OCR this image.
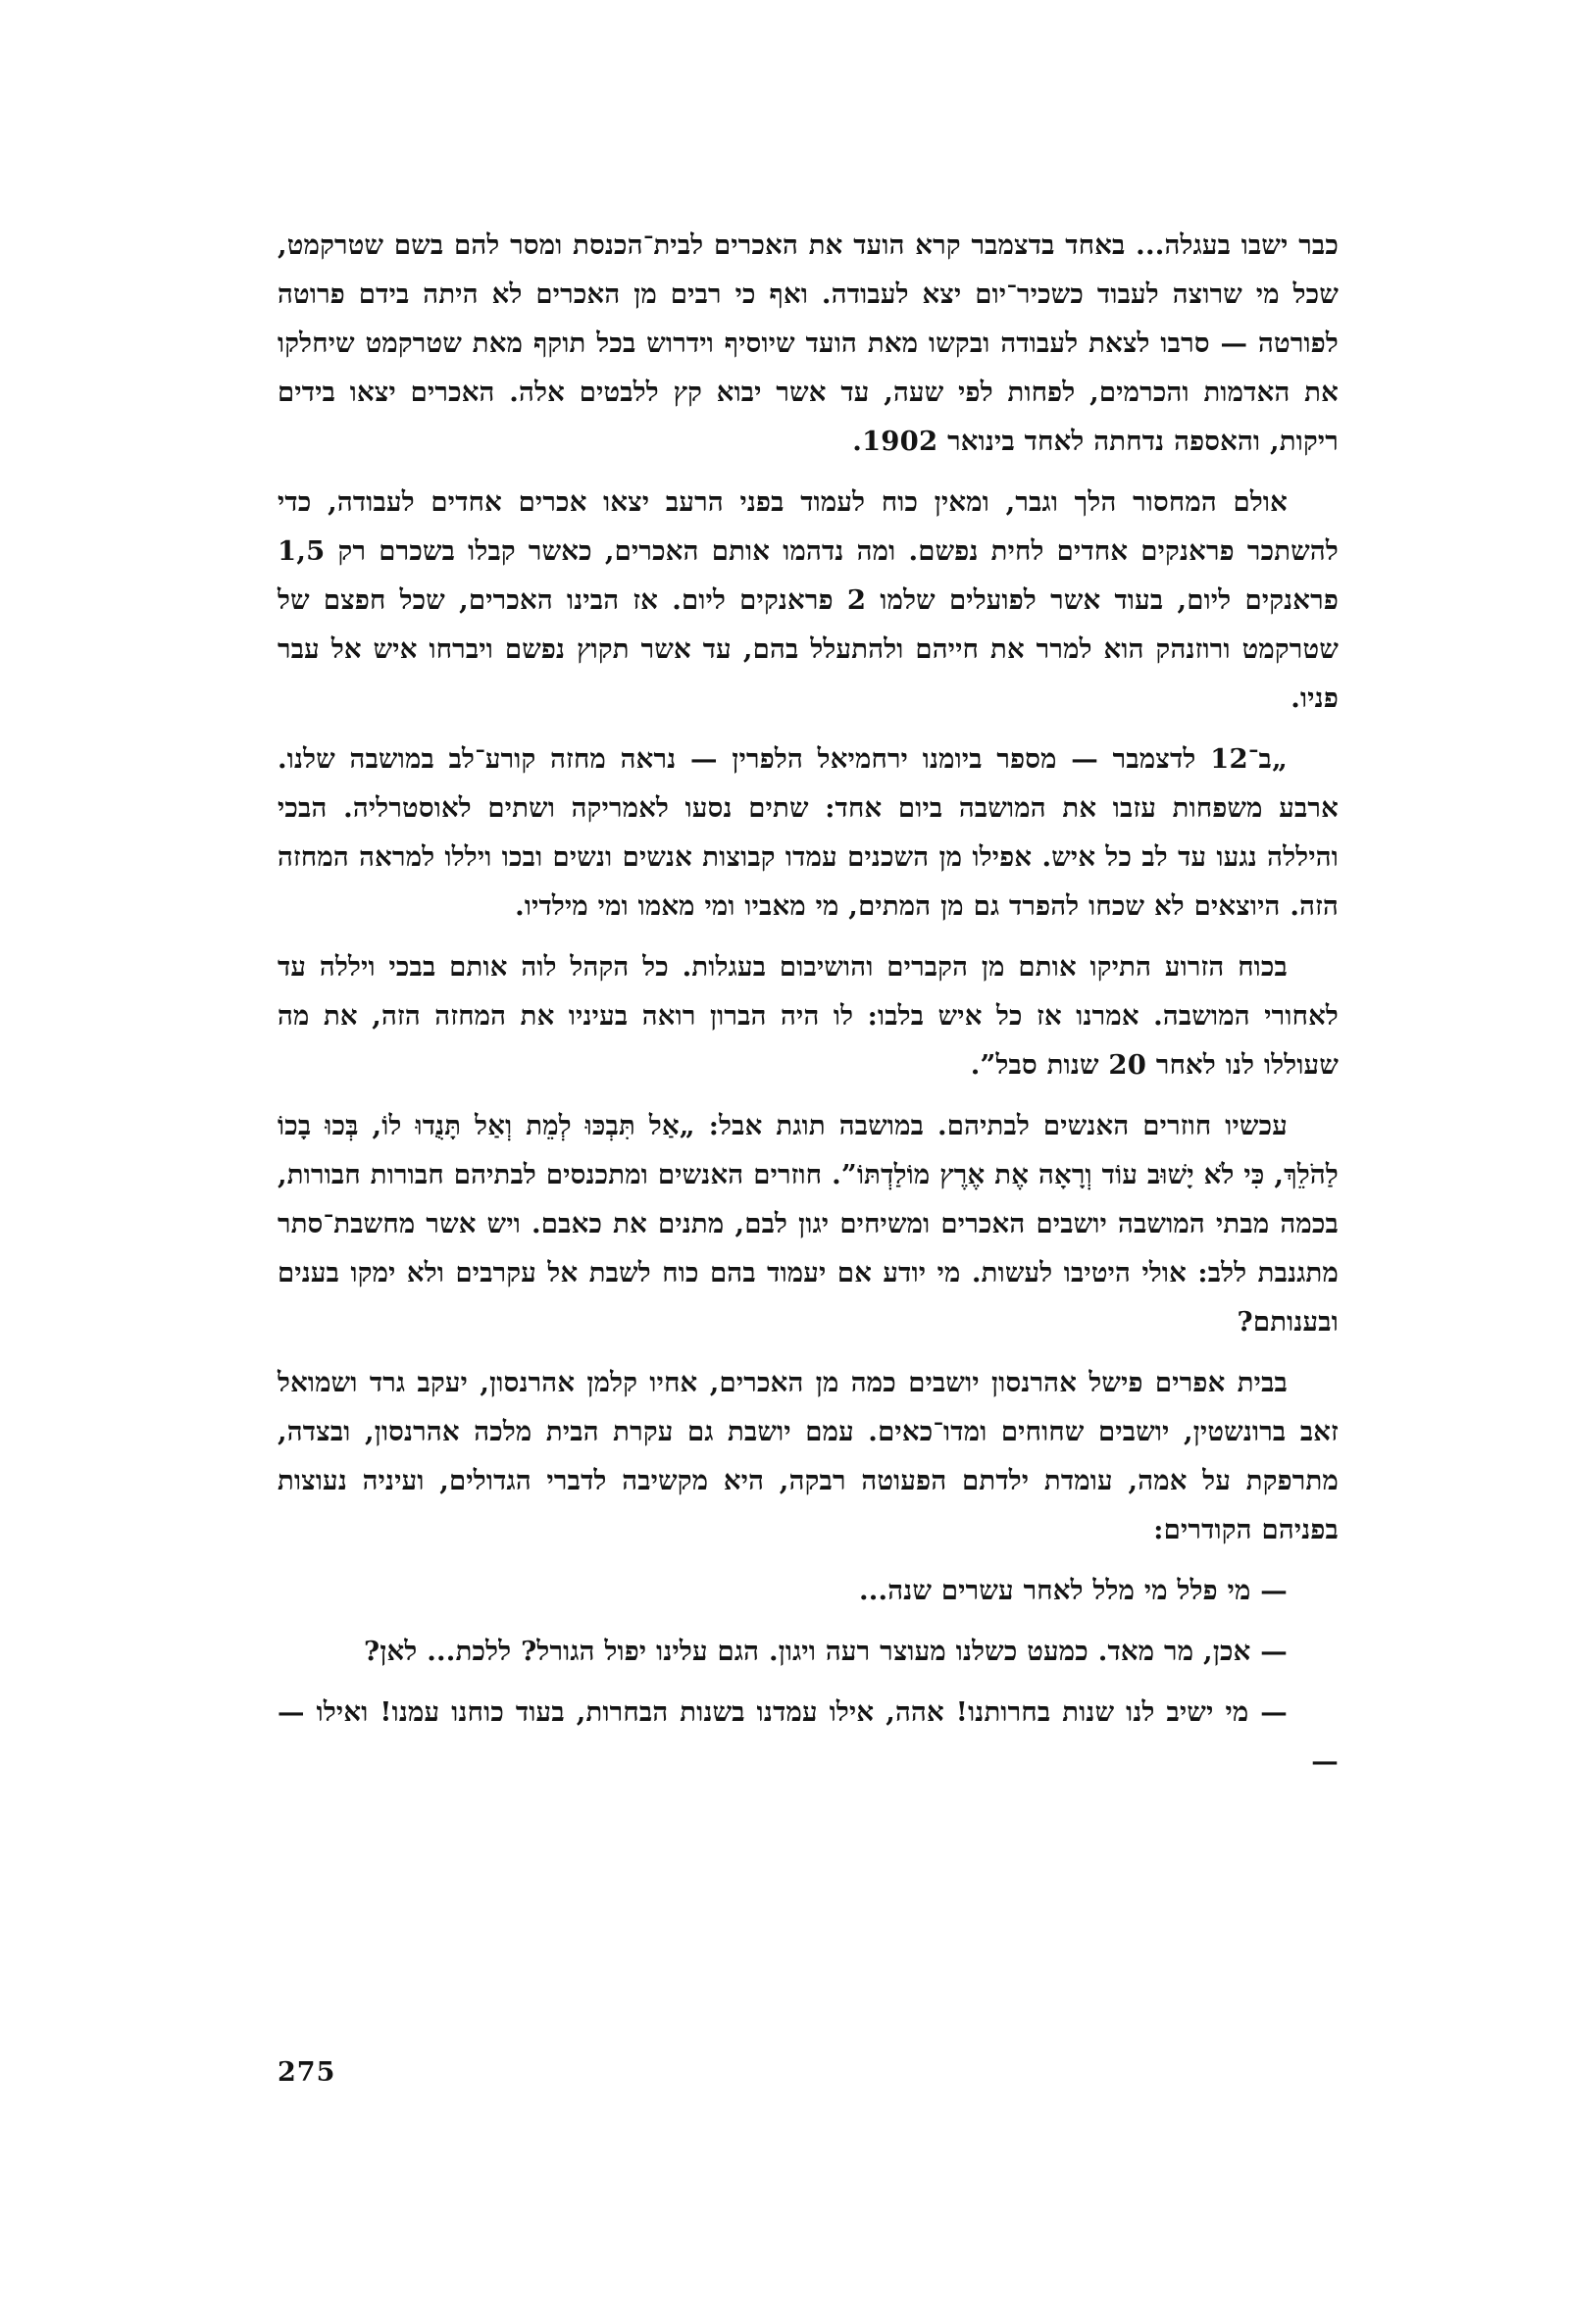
כבר ישבו בעגלה... באחד בדצמבר קרא הועד את האכרים לבית־הכנסת ומסר להם בשם שטרקמט, שכל מי שרוצה לעבוד כשכיר־יום יצא לעבודה. ואף כי רבים מן האכרים לא היתה בידם פרוטה לפורטה — סרבו לצאת לעבודה ובקשו מאת הועד שיוסיף וידרוש בכל תוקף מאת שטרקמט שיחלקו את האדמות והכרמים, לפחות לפי שעה, עד אשר יבוא קץ ללבטים אלה. האכרים יצאו בידים ריקות, והאספה נדחתה לאחד בינואר 1902.

אולם המחסור הלך וגבר, ומאין כוח לעמוד בפני הרעב יצאו אכרים אחדים לעבודה, כדי להשתכר פראנקים אחדים לחית נפשם. ומה נדהמו אותם האכרים, כאשר קבלו בשכרם רק 1,5 פראנקים ליום, בעוד אשר לפועלים שלמו 2 פראנקים ליום. אז הבינו האכרים, שכל חפצם של שטרקמט ורוזנהק הוא למרר את חייהם ולהתעלל בהם, עד אשר תקוץ נפשם ויברחו איש אל עבר פניו.

„ב־12 לדצמבר — מספר ביומנו ירחמיאל הלפרין — נראה מחזה קורע־לב במושבה שלנו. ארבע משפחות עזבו את המושבה ביום אחד: שתים נסעו לאמריקה ושתים לאוסטרליה. הבכי והיללה נגעו עד לב כל איש. אפילו מן השכנים עמדו קבוצות אנשים ונשים ובכו ויללו למראה המחזה הזה. היוצאים לא שכחו להפרד גם מן המתים, מי מאביו ומי מאמו ומי מילדיו.

בכוח הזרוע התיקו אותם מן הקברים והושיבום בעגלות. כל הקהל לוה אותם בבכי ויללה עד לאחורי המושבה. אמרנו אז כל איש בלבו: לו היה הברון רואה בעיניו את המחזה הזה, את מה שעוללו לנו לאחר 20 שנות סבל”.

עכשיו חוזרים האנשים לבתיהם. במושבה תוגת אבל: „אַל תִּבְכּוּ לְמֵת וְאַל תָּנֻדוּ לוֹ, בְּכוּ בָכוֹ לַהֹלֵךְ, כִּי לֹא יָשׁוּב עוֹד וְרָאָה אֶת אֶרֶץ מוֹלַדְתּוֹ”. חוזרים האנשים ומתכנסים לבתיהם חבורות חבורות, בכמה מבתי המושבה יושבים האכרים ומשיחים יגון לבם, מתנים את כאבם. ויש אשר מחשבת־סתר מתגנבת ללב: אולי היטיבו לעשות. מי יודע אם יעמוד בהם כוח לשבת אל עקרבים ולא ימקו בענים ובענותם?

בבית אפרים פישל אהרנסון יושבים כמה מן האכרים, אחיו קלמן אהרנסון, יעקב גרד ושמואל זאב ברונשטין, יושבים שחוחים ומדו־כאים. עמם יושבת גם עקרת הבית מלכה אהרנסון, ובצדה, מתרפקת על אמה, עומדת ילדתם הפעוטה רבקה, היא מקשיבה לדברי הגדולים, ועיניה נעוצות בפניהם הקודרים:

— מי פלל מי מלל לאחר עשרים שנה...

— אכן, מר מאד. כמעט כשלנו מעוצר רעה ויגון. הגם עלינו יפול הגורל? ללכת... לאן?

— מי ישיב לנו שנות בחרותנו! אהה, אילו עמדנו בשנות הבחרות, בעוד כוחנו עמנו! ואילו — —

275
